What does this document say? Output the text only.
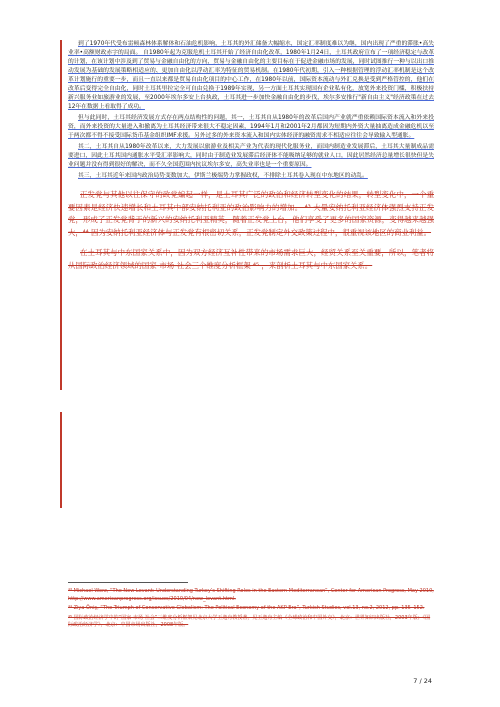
到了1970年代受布雷顿森林体系解体和石油危机影响，土耳其的外汇储备大幅缩水，国定汇率制度难以为继，国内出现了严重的滞胀•高失业率•高额财政赤字的局面。 自1980年起为克服危机土耳其开始了经济自由化改革，1980年1月24日，土耳其政府宣布了一项经济稳定与改革的计划，在该计划中涉及到了贸易与金融自由化的方向，贸易与金融自由化的主要目标在于促进金融市场的发展，同时试图推行一种与以出口推动发展为基础的发展策略相适应的、更加自由化以浮动汇率为特征的贸易机制。在1980年代初期，引入一种根据管理的浮动汇率机制是这个改革计划施行的重要一步，而且一直以来都是贸易自由化项目的中心工作，在1980年以前，国际资本流动与外汇兑换是受到严格管控的，他们在改革后变得完全自由化，同时土耳其里拉完全可自由兑换于1989年实现，另一方面土耳其实现国有企业私有化，放宽外来投资门槛，积极扶持新兴服务业如旅游业的发展，至2000年埃尔多安上台执政，土耳其进一步加快金融自由化的步伐，埃尔多安推行"新自由主义"经济政策在过去12年在数据上看取得了成功。

但与此同时，土耳其经济发展方式存在两点结构性的问题，其一，土耳其自从1980年的改革后国内产业就严重依赖国际资本流入和外来投资，而外来投资的大量进入和撤离为土耳其经济带来很大不稳定因素，1994年1月和2001年2月都因为短期内外资大量抽离造成金融危机以至于两次都不得不接受国际货币基金组织IMF求援。另外过多的外来资本流入和国内实体经济的融资需求不相适应往往会导致输入型通胀。

其二，土耳其自从1980年改革以来，大力发展以旅游业及相关产业为代表的现代化服务业，而国内制造业发展滞后，土耳其大量制成品需要进口，因此土耳其国内通胀水平受汇率影响大，同时由于制造业发展滞后经济体不能吸纳足够的就业人口，因此居然经济总量增长很快但是失业问题并没有得到很好的解决，而不久全国范围内抗议埃尔多安，高失业率也是一个重要原因。

其三，土耳其近年来国内政治局势变数加大，伊斯兰极端势力掌握政权，不排除土耳其卷入现在中东地区的动乱。

正发党与其他以往保守的政党蝙起一样，是土耳其广泛的政治和经济转型变化的结果，转型变化中，一个重要因素是经济快速增长和土耳其中部安纳托利亚的政治影响力的增加。 ⁴³ 大量安纳托利亚经济体强烈支持正发党，形成了正发党背于的新兴的安纳托利亚精英，随着正发党上台，他们享受了更多的国家资源，变得越来越强大，⁴⁴ 因为安纳托利亚经济体与正发党有根密切关系，正发党制定外交政策过程中，很重视该地区的商业利益。

在土耳其与中东国家关系中，因为双方经济互补性带来的市场需求巨大，经贸关系至关重要，所以，笔者将从国际政治经济领域的国家-市场-社会三个维度分析框架 ⁴⁵ ，来剖析土耳其与中东国家关系。

⁴³ Michael Werz, “The New Levant: Understanding Turkey’s Shifting Roles in the Eastern Mediterranean”, Center for American Progress, May 2010, http://www.americanprogress.org/issues/2010/04/new_levant.html.

⁴⁴ Ziya Öniş, “The Triumph of Conservative Globalism: The Political Economy of the AKP Era”, Turkish Studies, vol.13, no.2, 2012, pp. 135–152.

⁴⁵ 国际政治经济学中的“国家-市场-社会”三维度分析框架见北京大学王逸舟教授著，见王逸舟主编《全球政治和中国外交》，北京：世界知识出版社，2003年版；《国际政治经济学》，北京：中国市场出版社，2008年版。

7 / 24
